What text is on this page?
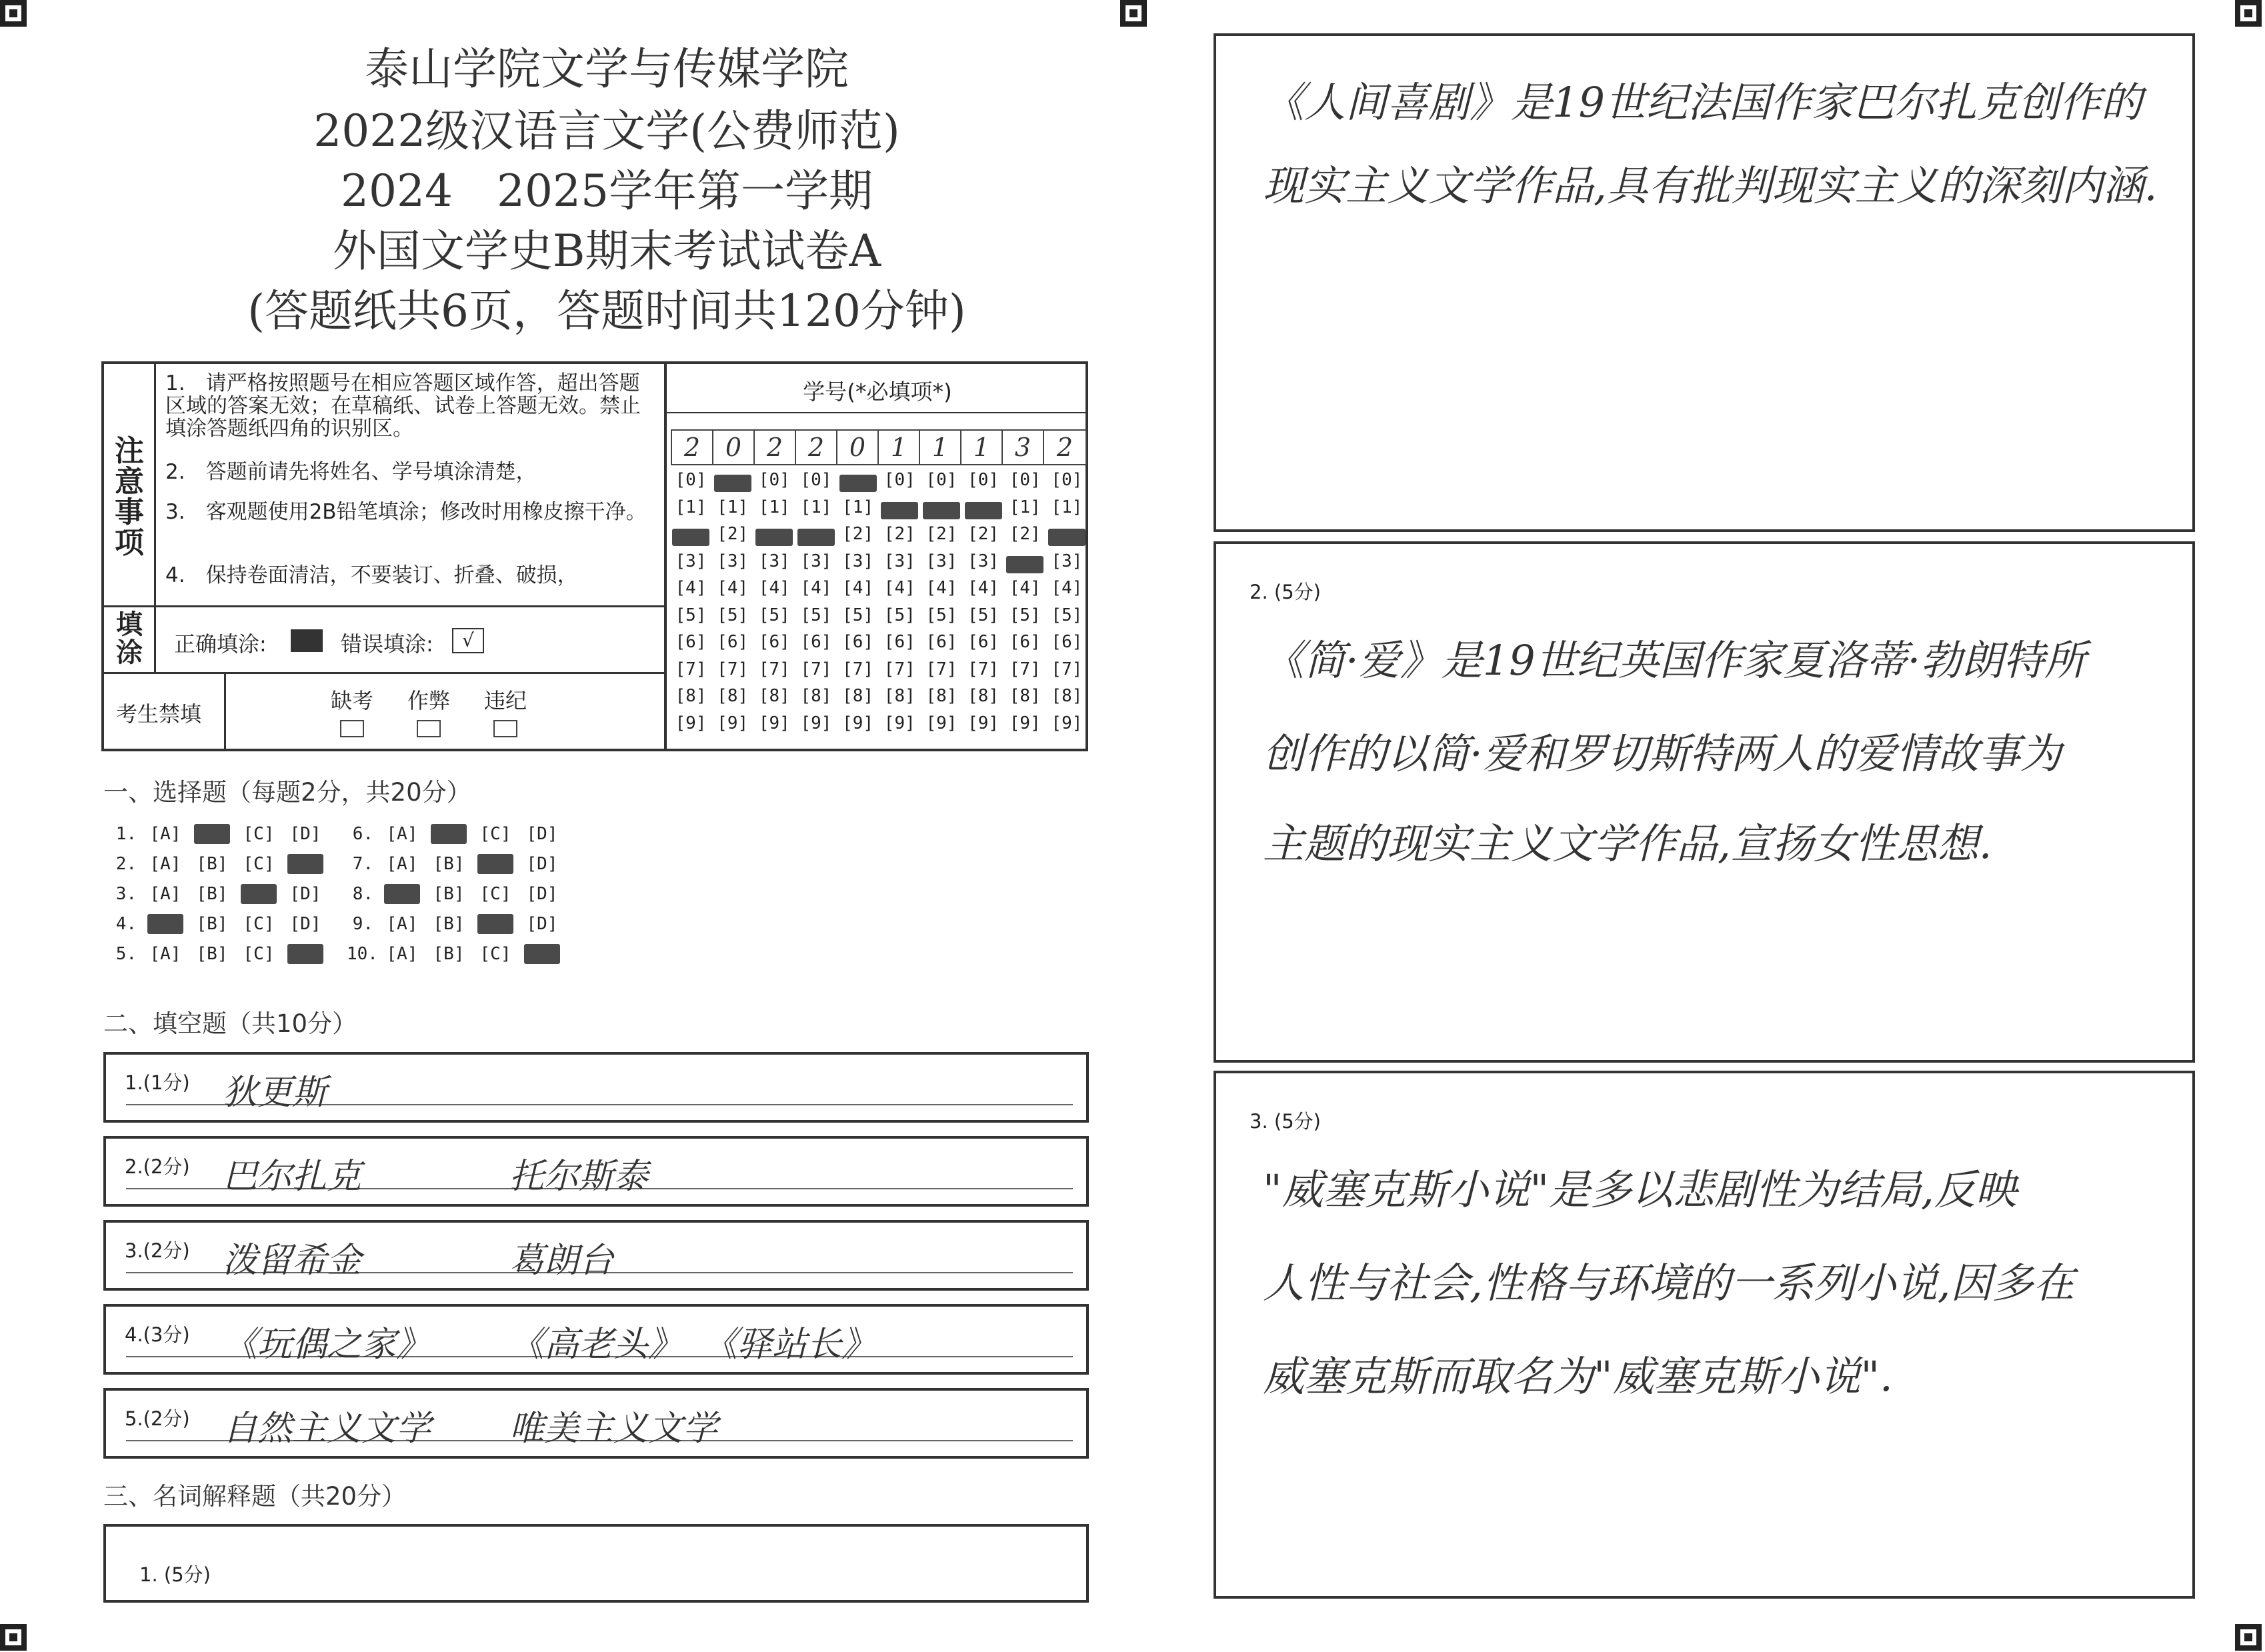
泰山学院文学与传媒学院
2022级汉语言文学(公费师范)
2024　2025学年第一学期
外国文学史B期末考试试卷A
(答题纸共6页，答题时间共120分钟)
注意事项
1.　请严格按照题号在相应答题区域作答，超出答题区域的答案无效；在草稿纸、试卷上答题无效。禁止填涂答题纸四角的识别区。
2.　答题前请先将姓名、学号填涂清楚，
3.　客观题使用2B铅笔填涂；修改时用橡皮擦干净。
4.　保持卷面清洁，不要装订、折叠、破损，
填涂 正确填涂:	错误填涂:	√
考生禁填
缺考 作弊 违纪
学号(*必填项*)
2 0 2 2 0 1 1 1 3	2
[0] [0] [0] [0] [0] [0] [0] [0] [0] [0]
[1] [1] [1] [1] [1] [1] [1] [1] [1] [1]
[2] [2] [2] [2] [2] [2] [2] [2] [2] [2]
[3] [3] [3] [3] [3] [3] [3] [3] [3] [3]
[4] [4] [4] [4] [4] [4] [4] [4] [4] [4]
[5] [5] [5] [5] [5] [5] [5] [5] [5] [5]
[6] [6] [6] [6] [6] [6] [6] [6] [6] [6]
[7] [7] [7] [7] [7] [7] [7] [7] [7] [7]
[8] [8] [8] [8] [8] [8] [8] [8] [8] [8]
[9] [9] [9] [9] [9] [9] [9] [9] [9] [9]
一、选择题（每题2分，共20分）
1. [A] [B] [C] [D]
2. [A] [B] [C] [D]
3. [A] [B] [C] [D]
4. [A] [B] [C] [D]
5. [A] [B] [C] [D]
6. [A] [B] [C] [D]
7. [A] [B] [C] [D]
8. [A] [B] [C] [D]
9. [A] [B] [C] [D]
10. [A] [B] [C] [D]
二、填空题（共10分）
1.(1分) 狄更斯
2.(2分) 巴尔扎克	托尔斯泰
3.(2分) 泼留希金	葛朗台
4.(3分) 《玩偶之家》 《高老头》 《驿站长》
5.(2分) 自然主义文学 唯美主义文学
三、名词解释题（共20分）
1. (5分)
《人间喜剧》是19世纪法国作家巴尔扎克创作的
现实主义文学作品,具有批判现实主义的深刻内涵.
2. (5分)
《简·爱》是19世纪英国作家夏洛蒂·勃朗特所
创作的以简·爱和罗切斯特两人的爱情故事为
主题的现实主义文学作品,宣扬女性思想.
3. (5分)
"威塞克斯小说"是多以悲剧性为结局,反映
人性与社会,性格与环境的一系列小说,因多在
威塞克斯而取名为"威塞克斯小说".
